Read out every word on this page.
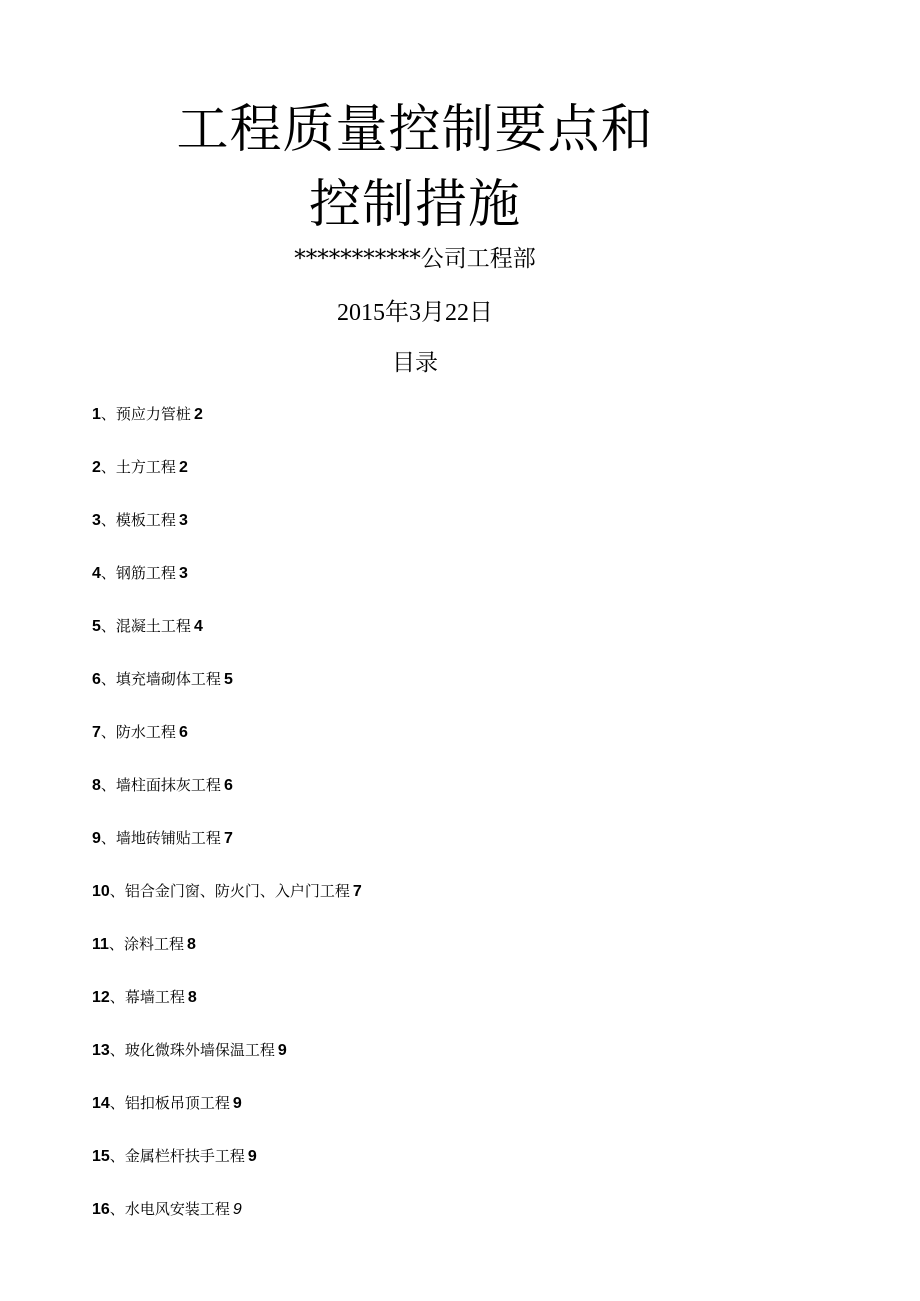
工程质量控制要点和
控制措施
***********公司工程部
2015年3月22日
目录
1、预应力管桩 2
2、土方工程 2
3、模板工程 3
4、钢筋工程 3
5、混凝土工程 4
6、填充墙砌体工程 5
7、防水工程 6
8、墙柱面抹灰工程 6
9、墙地砖铺贴工程 7
10、铝合金门窗、防火门、入户门工程 7
11、涂料工程 8
12、幕墙工程 8
13、玻化微珠外墙保温工程 9
14、铝扣板吊顶工程 9
15、金属栏杆扶手工程 9
16、水电风安装工程 9
